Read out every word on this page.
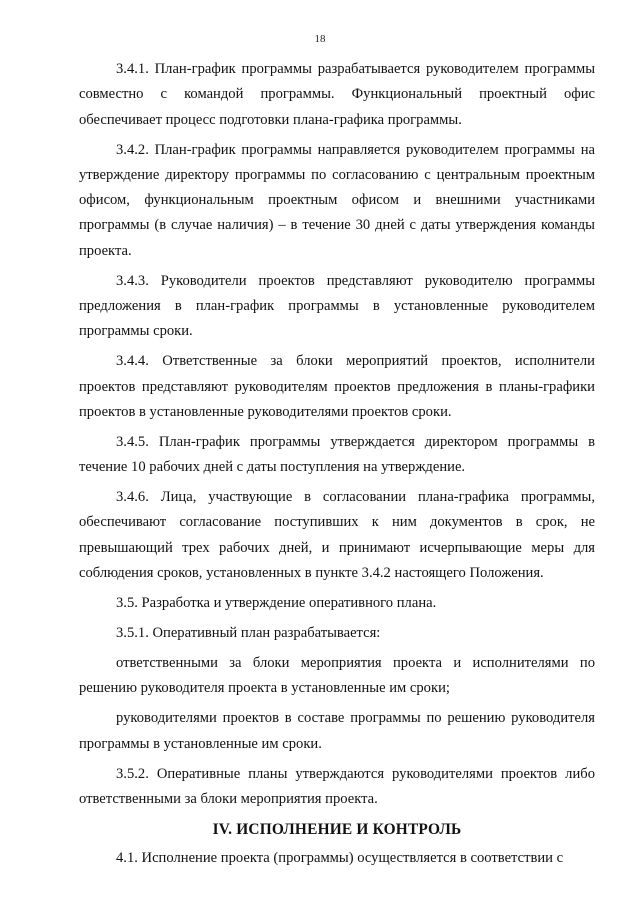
18

3.4.1. План-график программы разрабатывается руководителем программы совместно с командой программы. Функциональный проектный офис обеспечивает процесс подготовки плана-графика программы.

3.4.2. План-график программы направляется руководителем программы на утверждение директору программы по согласованию с центральным проектным офисом, функциональным проектным офисом и внешними участниками программы (в случае наличия) – в течение 30 дней с даты утверждения команды проекта.

3.4.3. Руководители проектов представляют руководителю программы предложения в план-график программы в установленные руководителем программы сроки.

3.4.4. Ответственные за блоки мероприятий проектов, исполнители проектов представляют руководителям проектов предложения в планы-графики проектов в установленные руководителями проектов сроки.

3.4.5. План-график программы утверждается директором программы в течение 10 рабочих дней с даты поступления на утверждение.

3.4.6. Лица, участвующие в согласовании плана-графика программы, обеспечивают согласование поступивших к ним документов в срок, не превышающий трех рабочих дней, и принимают исчерпывающие меры для соблюдения сроков, установленных в пункте 3.4.2 настоящего Положения.

3.5. Разработка и утверждение оперативного плана.

3.5.1. Оперативный план разрабатывается:

ответственными за блоки мероприятия проекта и исполнителями по решению руководителя проекта в установленные им сроки;

руководителями проектов в составе программы по решению руководителя программы в установленные им сроки.

3.5.2. Оперативные планы утверждаются руководителями проектов либо ответственными за блоки мероприятия проекта.

IV. ИСПОЛНЕНИЕ И КОНТРОЛЬ

4.1. Исполнение проекта (программы) осуществляется в соответствии с
